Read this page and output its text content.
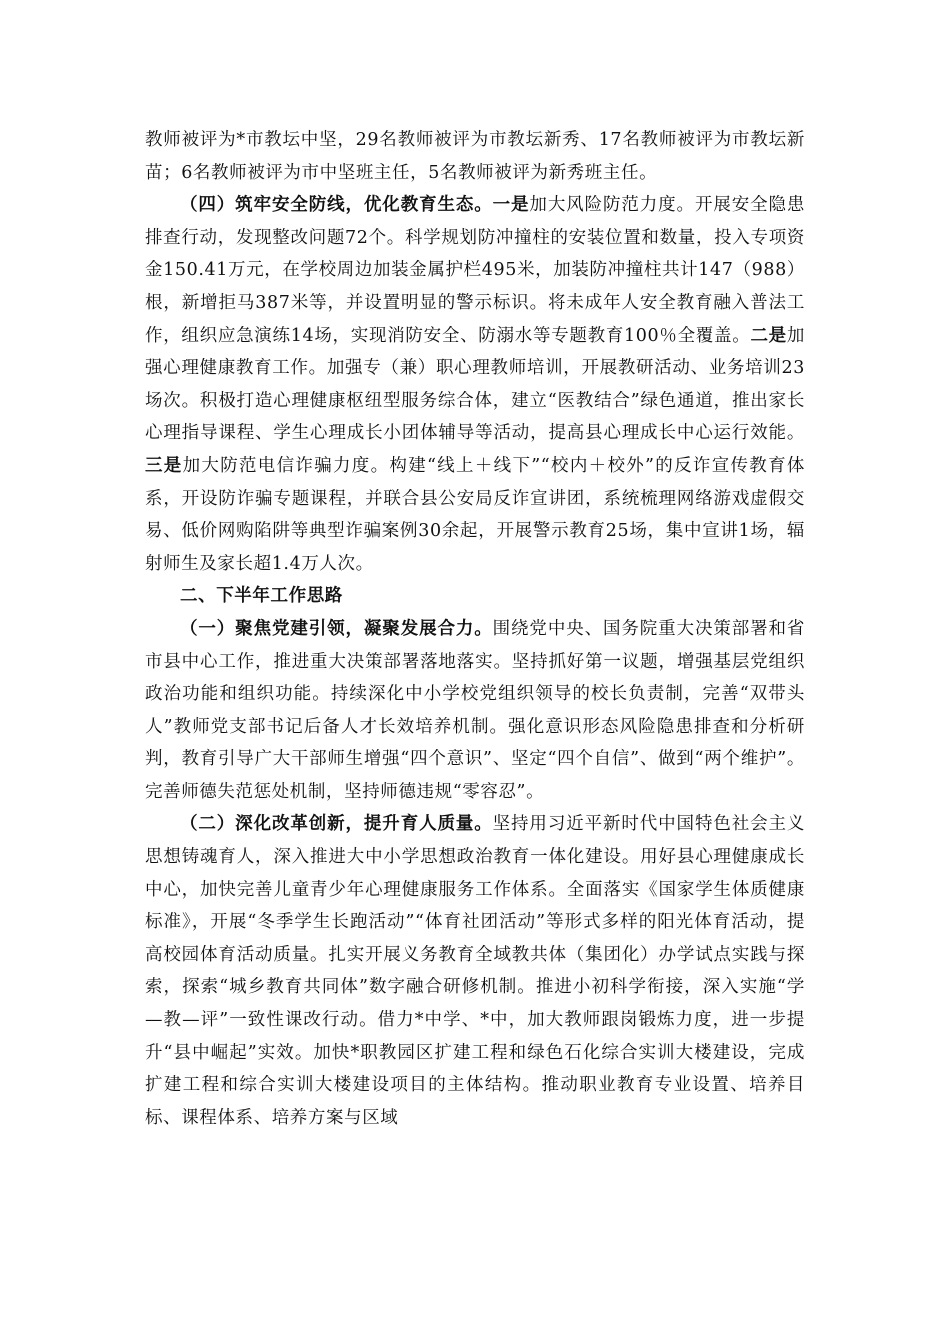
教师被评为*市教坛中坚，29名教师被评为市教坛新秀、17名教师被评为市教坛新苗；6名教师被评为市中坚班主任，5名教师被评为新秀班主任。

（四）筑牢安全防线，优化教育生态。一是加大风险防范力度。开展安全隐患排查行动，发现整改问题72个。科学规划防冲撞柱的安装位置和数量，投入专项资金150.41万元，在学校周边加装金属护栏495米，加装防冲撞柱共计147（988）根，新增拒马387米等，并设置明显的警示标识。将未成年人安全教育融入普法工作，组织应急演练14场，实现消防安全、防溺水等专题教育100％全覆盖。二是加强心理健康教育工作。加强专（兼）职心理教师培训，开展教研活动、业务培训23场次。积极打造心理健康枢纽型服务综合体，建立“医教结合”绿色通道，推出家长心理指导课程、学生心理成长小团体辅导等活动，提高县心理成长中心运行效能。三是加大防范电信诈骗力度。构建“线上＋线下”“校内＋校外”的反诈宣传教育体系，开设防诈骗专题课程，并联合县公安局反诈宣讲团，系统梳理网络游戏虚假交易、低价网购陷阱等典型诈骗案例30余起，开展警示教育25场，集中宣讲1场，辐射师生及家长超1.4万人次。

二、下半年工作思路

（一）聚焦党建引领，凝聚发展合力。围绕党中央、国务院重大决策部署和省市县中心工作，推进重大决策部署落地落实。坚持抓好第一议题，增强基层党组织政治功能和组织功能。持续深化中小学校党组织领导的校长负责制，完善“双带头人”教师党支部书记后备人才长效培养机制。强化意识形态风险隐患排查和分析研判，教育引导广大干部师生增强“四个意识”、坚定“四个自信”、做到“两个维护”。完善师德失范惩处机制，坚持师德违规“零容忍”。

（二）深化改革创新，提升育人质量。坚持用习近平新时代中国特色社会主义思想铸魂育人，深入推进大中小学思想政治教育一体化建设。用好县心理健康成长中心，加快完善儿童青少年心理健康服务工作体系。全面落实《国家学生体质健康标准》，开展“冬季学生长跑活动”“体育社团活动”等形式多样的阳光体育活动，提高校园体育活动质量。扎实开展义务教育全域教共体（集团化）办学试点实践与探索，探索“城乡教育共同体”数字融合研修机制。推进小初科学衔接，深入实施“学—教—评”一致性课改行动。借力*中学、*中，加大教师跟岗锻炼力度，进一步提升“县中崛起”实效。加快*职教园区扩建工程和绿色石化综合实训大楼建设，完成扩建工程和综合实训大楼建设项目的主体结构。推动职业教育专业设置、培养目标、课程体系、培养方案与区域
